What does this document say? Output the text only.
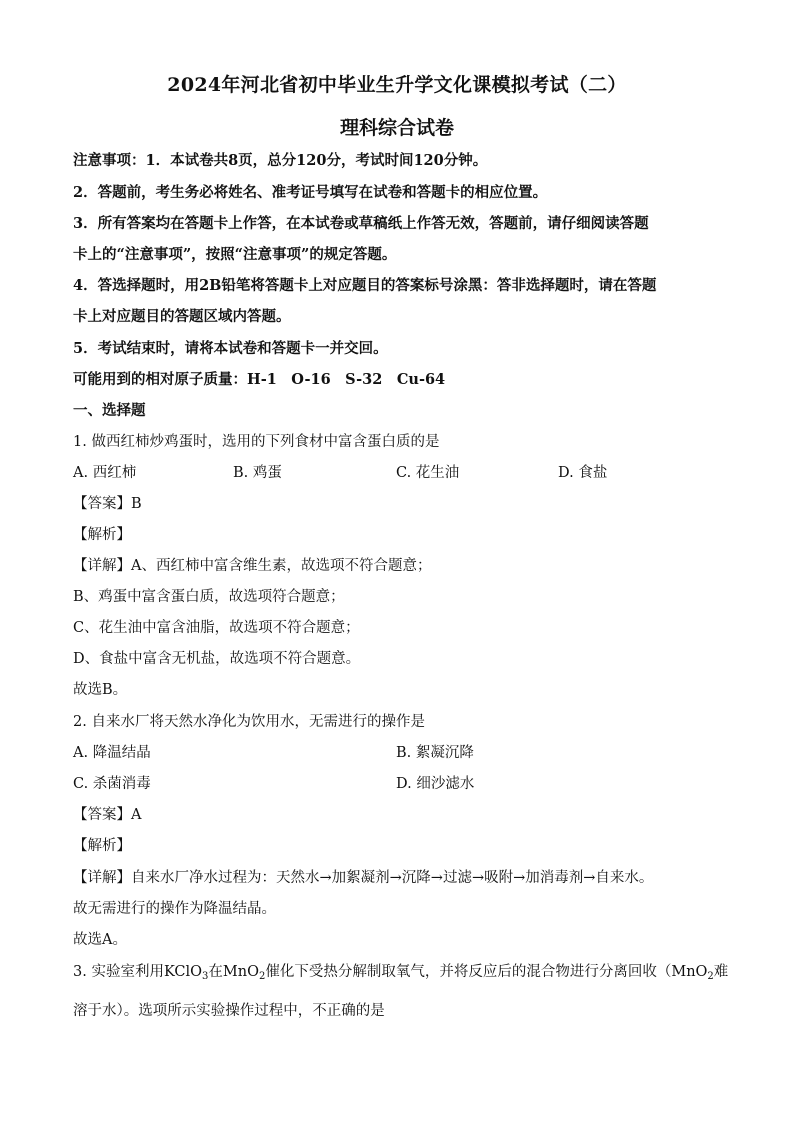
2024年河北省初中毕业生升学文化课模拟考试（二）
理科综合试卷
注意事项：1．本试卷共8页，总分120分，考试时间120分钟。
2．答题前，考生务必将姓名、准考证号填写在试卷和答题卡的相应位置。
3．所有答案均在答题卡上作答，在本试卷或草稿纸上作答无效，答题前，请仔细阅读答题
卡上的“注意事项”，按照“注意事项”的规定答题。
4．答选择题时，用2B铅笔将答题卡上对应题目的答案标号涂黑：答非选择题时，请在答题
卡上对应题目的答题区域内答题。
5．考试结束时，请将本试卷和答题卡一并交回。
可能用到的相对原子质量：H-1　O-16　S-32　Cu-64
一、选择题
1. 做西红柿炒鸡蛋时，选用的下列食材中富含蛋白质的是
A. 西红柿	B. 鸡蛋	C. 花生油	D. 食盐
【答案】B
【解析】
【详解】A、西红柿中富含维生素，故选项不符合题意；
B、鸡蛋中富含蛋白质，故选项符合题意；
C、花生油中富含油脂，故选项不符合题意；
D、食盐中富含无机盐，故选项不符合题意。
故选B。
2. 自来水厂将天然水净化为饮用水，无需进行的操作是
A. 降温结晶	B. 絮凝沉降
C. 杀菌消毒	D. 细沙滤水
【答案】A
【解析】
【详解】自来水厂净水过程为：天然水→加絮凝剂→沉降→过滤→吸附→加消毒剂→自来水。
故无需进行的操作为降温结晶。
故选A。
3. 实验室利用KClO$_3$在MnO$_2$催化下受热分解制取氧气，并将反应后的混合物进行分离回收（MnO$_2$难
溶于水）。选项所示实验操作过程中，不正确的是
